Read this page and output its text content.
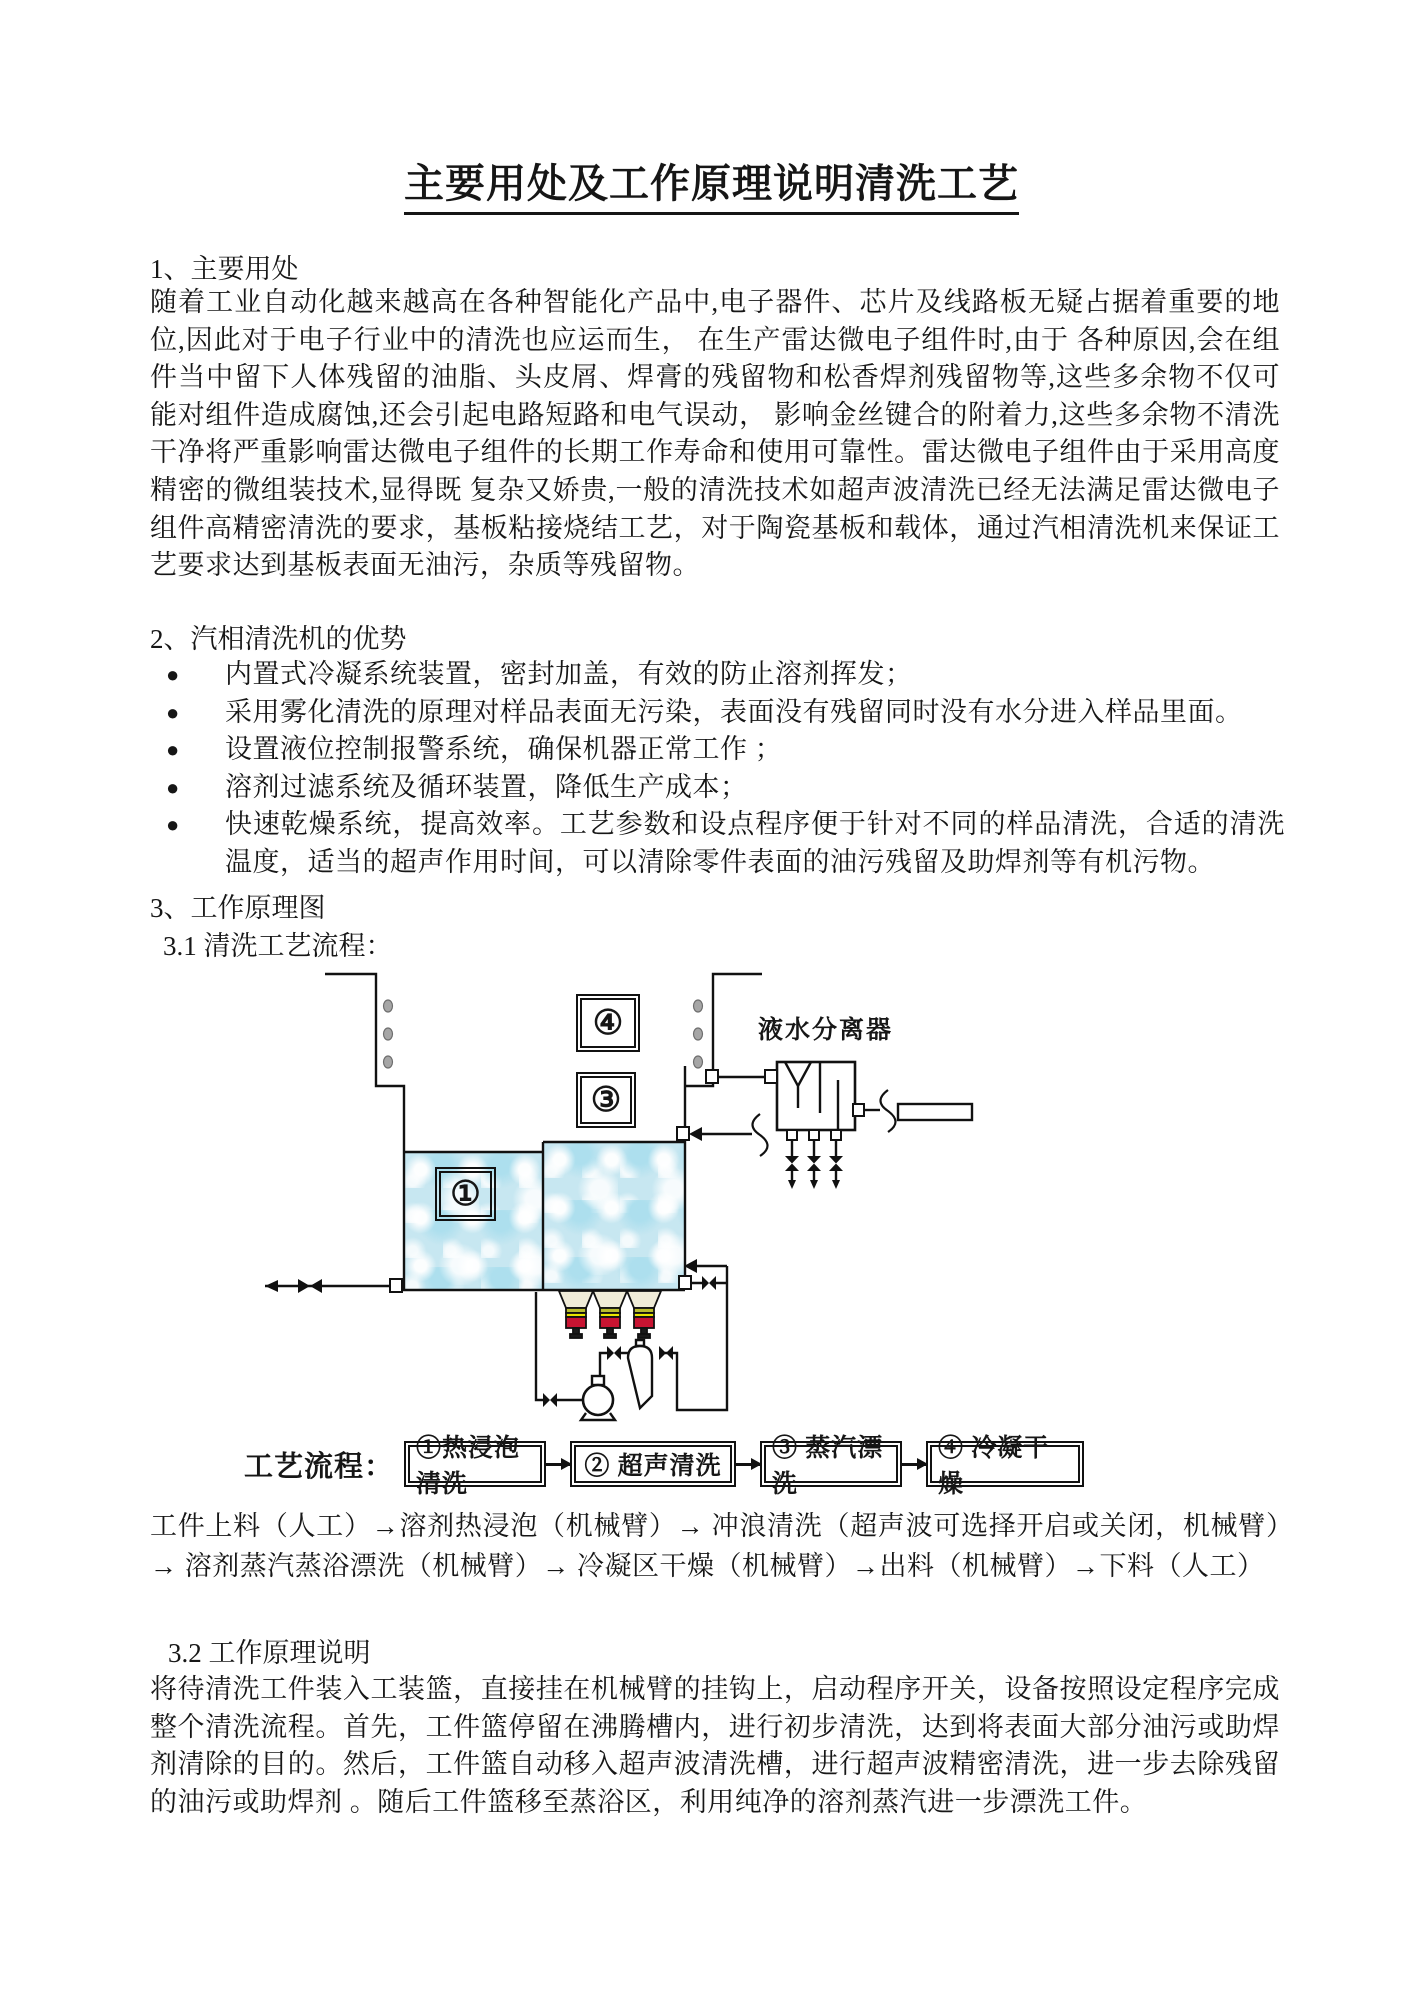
主要用处及工作原理说明清洗工艺
1、主要用处
随着工业自动化越来越高在各种智能化产品中,电子器件、芯片及线路板无疑占据着重要的地位,因此对于电子行业中的清洗也应运而生， 在生产雷达微电子组件时,由于 各种原因,会在组件当中留下人体残留的油脂、头皮屑、焊膏的残留物和松香焊剂残留物等,这些多余物不仅可能对组件造成腐蚀,还会引起电路短路和电气误动， 影响金丝键合的附着力,这些多余物不清洗干净将严重影响雷达微电子组件的长期工作寿命和使用可靠性。雷达微电子组件由于采用高度精密的微组装技术,显得既 复杂又娇贵,一般的清洗技术如超声波清洗已经无法满足雷达微电子组件高精密清洗的要求，基板粘接烧结工艺，对于陶瓷基板和载体，通过汽相清洗机来保证工艺要求达到基板表面无油污，杂质等残留物。
2、汽相清洗机的优势
●	内置式冷凝系统装置，密封加盖，有效的防止溶剂挥发；
●	采用雾化清洗的原理对样品表面无污染，表面没有残留同时没有水分进入样品里面。
●	设置液位控制报警系统，确保机器正常工作 ；
●	溶剂过滤系统及循环装置，降低生产成本；
●	快速乾燥系统，提高效率。工艺参数和设点程序便于针对不同的样品清洗，合适的清洗温度，适当的超声作用时间，可以清除零件表面的油污残留及助焊剂等有机污物。
3、工作原理图
3.1 清洗工艺流程：
④
③
①
液水分离器
工艺流程：
①热浸泡清洗
② 超声清洗
③ 蒸汽漂洗
④ 冷凝干燥
工件上料（人工）→溶剂热浸泡（机械臂）→ 冲浪清洗（超声波可选择开启或关闭，机械臂）→ 溶剂蒸汽蒸浴漂洗（机械臂）→ 冷凝区干燥（机械臂）→出料（机械臂）→下料（人工）
3.2 工作原理说明
将待清洗工件装入工装篮，直接挂在机械臂的挂钩上，启动程序开关，设备按照设定程序完成整个清洗流程。首先，工件篮停留在沸腾槽内，进行初步清洗，达到将表面大部分油污或助焊剂清除的目的。然后，工件篮自动移入超声波清洗槽，进行超声波精密清洗，进一步去除残留的油污或助焊剂 。随后工件篮移至蒸浴区，利用纯净的溶剂蒸汽进一步漂洗工件。
